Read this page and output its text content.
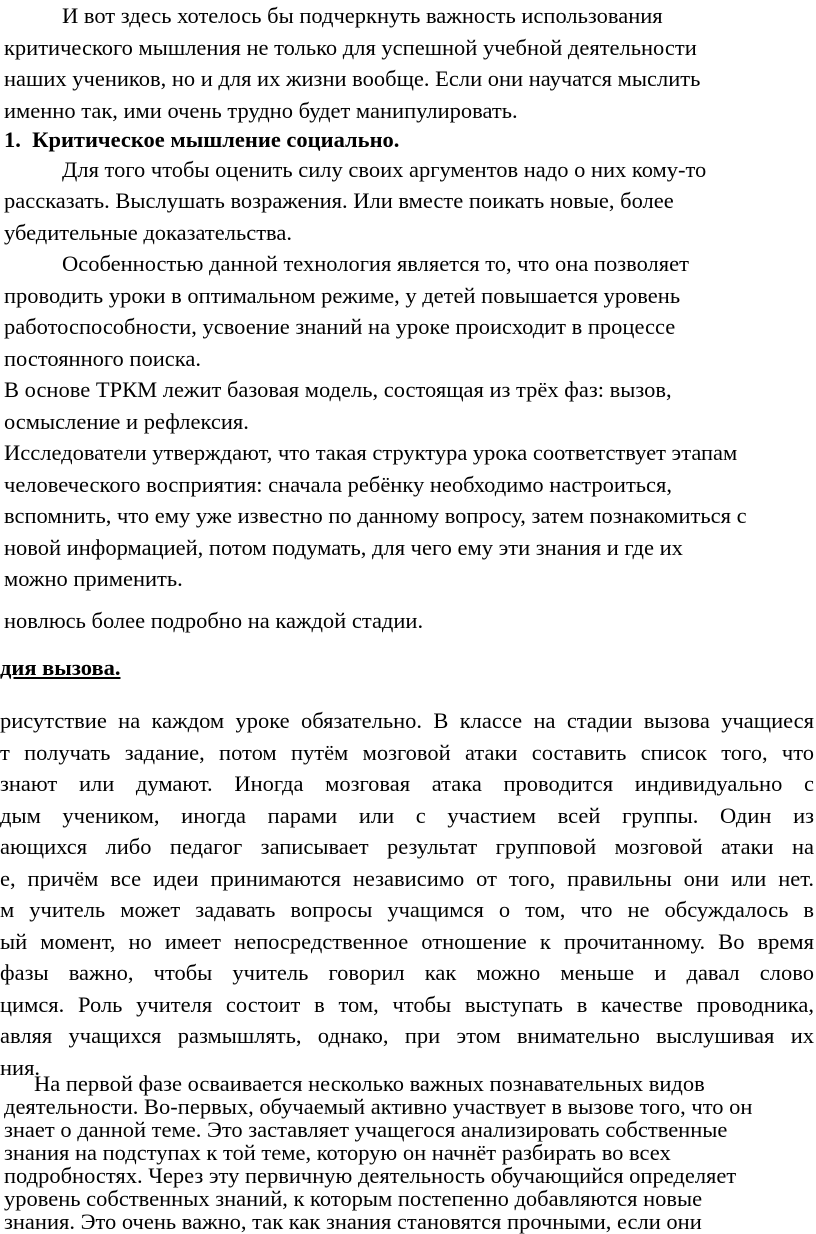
И вот здесь хотелось бы подчеркнуть важность использования

критического мышления не только для успешной учебной деятельности

наших учеников, но и для их жизни вообще. Если они научатся мыслить

именно так, ими очень трудно будет манипулировать.

1.  Критическое мышление социально.

Для того чтобы оценить силу своих аргументов надо о них кому-то

рассказать. Выслушать возражения. Или вместе поикать новые, более

убедительные доказательства.

Особенностью данной технология является то, что она позволяет

проводить уроки в оптимальном режиме, у детей повышается уровень

работоспособности, усвоение знаний на уроке происходит в процессе

постоянного поиска.

В основе ТРКМ лежит базовая модель, состоящая из трёх фаз: вызов,

осмысление и рефлексия.

Исследователи утверждают, что такая структура урока соответствует этапам

человеческого восприятия: сначала ребёнку необходимо настроиться,

вспомнить, что ему уже известно по данному вопросу, затем познакомиться с

новой информацией, потом подумать, для чего ему эти знания и где их

можно применить.

новлюсь более подробно на каждой стадии.

дия вызова.

рисутствие на каждом уроке обязательно. В классе на стадии вызова учащиеся

т получать задание, потом путём мозговой атаки составить список того, что

знают или думают. Иногда мозговая атака проводится индивидуально с

дым учеником, иногда парами или с участием всей группы. Один из

ающихся либо педагог записывает результат групповой мозговой атаки на

е, причём все идеи принимаются независимо от того, правильны они или нет.

м учитель может задавать вопросы учащимся о том, что не обсуждалось в

ый момент, но имеет непосредственное отношение к прочитанному. Во время

фазы важно, чтобы учитель говорил как можно меньше и давал слово

цимся. Роль учителя состоит в том, чтобы выступать в качестве проводника,

авляя учащихся размышлять, однако, при этом внимательно выслушивая их

ния.

На первой фазе осваивается несколько важных познавательных видов

деятельности. Во-первых, обучаемый активно участвует в вызове того, что он

знает о данной теме. Это заставляет учащегося анализировать собственные

знания на подступах к той теме, которую он начнёт разбирать во всех

подробностях. Через эту первичную деятельность обучающийся определяет

уровень собственных знаний, к которым постепенно добавляются новые

знания. Это очень важно, так как знания становятся прочными, если они
